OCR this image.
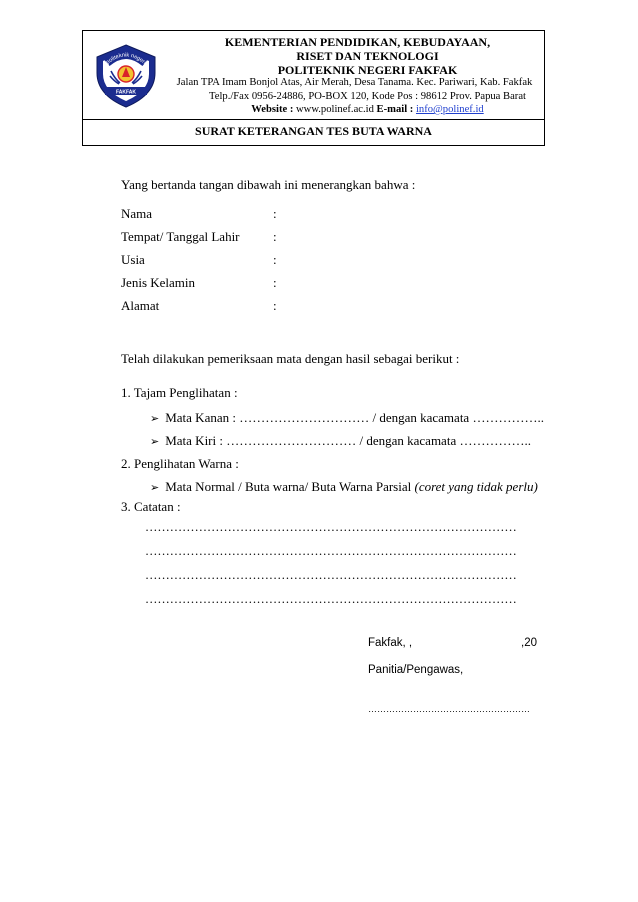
FAKFAK
politeknik negeri
KEMENTERIAN PENDIDIKAN, KEBUDAYAAN,
RISET DAN TEKNOLOGI
POLITEKNIK NEGERI FAKFAK
Jalan TPA Imam Bonjol Atas, Air Merah, Desa Tanama. Kec. Pariwari, Kab. Fakfak
Telp./Fax 0956-24886, PO-BOX 120, Kode Pos : 98612 Prov. Papua Barat
Website : www.polinef.ac.id E-mail : info@polinef.id
SURAT KETERANGAN TES BUTA WARNA
Yang bertanda tangan dibawah ini menerangkan bahwa :
Nama	:
Tempat/ Tanggal Lahir	:
Usia	:
Jenis Kelamin	:
Alamat	:
Telah dilakukan pemeriksaan mata dengan hasil sebagai berikut :
1. Tajam Penglihatan :
➢ Mata Kanan : ………………………… / dengan kacamata ……………..
➢ Mata Kiri : ………………………… / dengan kacamata ……………..
2. Penglihatan Warna :
➢ Mata Normal / Buta warna/ Buta Warna Parsial (coret yang tidak perlu)
3. Catatan :
………………………………………………………………………………
………………………………………………………………………………
………………………………………………………………………………
………………………………………………………………………………
Fakfak, ,	,20
Panitia/Pengawas,
………………………………………………
